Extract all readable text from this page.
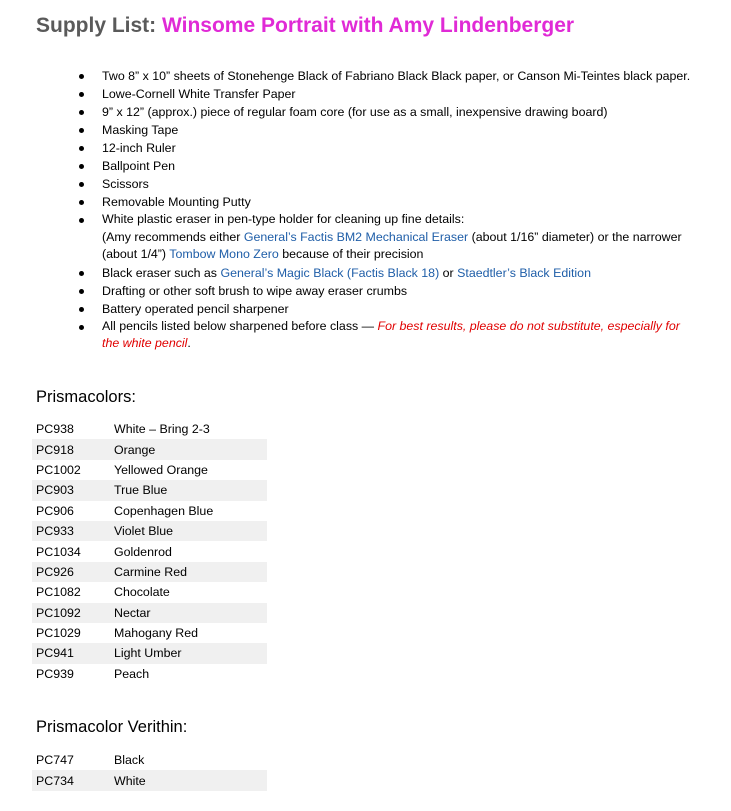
Supply List: Winsome Portrait with Amy Lindenberger
Two 8” x 10” sheets of Stonehenge Black of Fabriano Black Black paper, or Canson Mi-Teintes black paper.
Lowe-Cornell White Transfer Paper
9” x 12” (approx.) piece of regular foam core (for use as a small, inexpensive drawing board)
Masking Tape
12-inch Ruler
Ballpoint Pen
Scissors
Removable Mounting Putty
White plastic eraser in pen-type holder for cleaning up fine details:
(Amy recommends either General’s Factis BM2 Mechanical Eraser (about 1/16” diameter) or the narrower (about 1/4”) Tombow Mono Zero because of their precision
Black eraser such as General’s Magic Black (Factis Black 18) or Staedtler’s Black Edition
Drafting or other soft brush to wipe away eraser crumbs
Battery operated pencil sharpener
All pencils listed below sharpened before class — For best results, please do not substitute, especially for the white pencil.
Prismacolors:
PC938	White – Bring 2-3
PC918	Orange
PC1002	Yellowed Orange
PC903	True Blue
PC906	Copenhagen Blue
PC933	Violet Blue
PC1034	Goldenrod
PC926	Carmine Red
PC1082	Chocolate
PC1092	Nectar
PC1029	Mahogany Red
PC941	Light Umber
PC939	Peach
Prismacolor Verithin:
PC747	Black
PC734	White
